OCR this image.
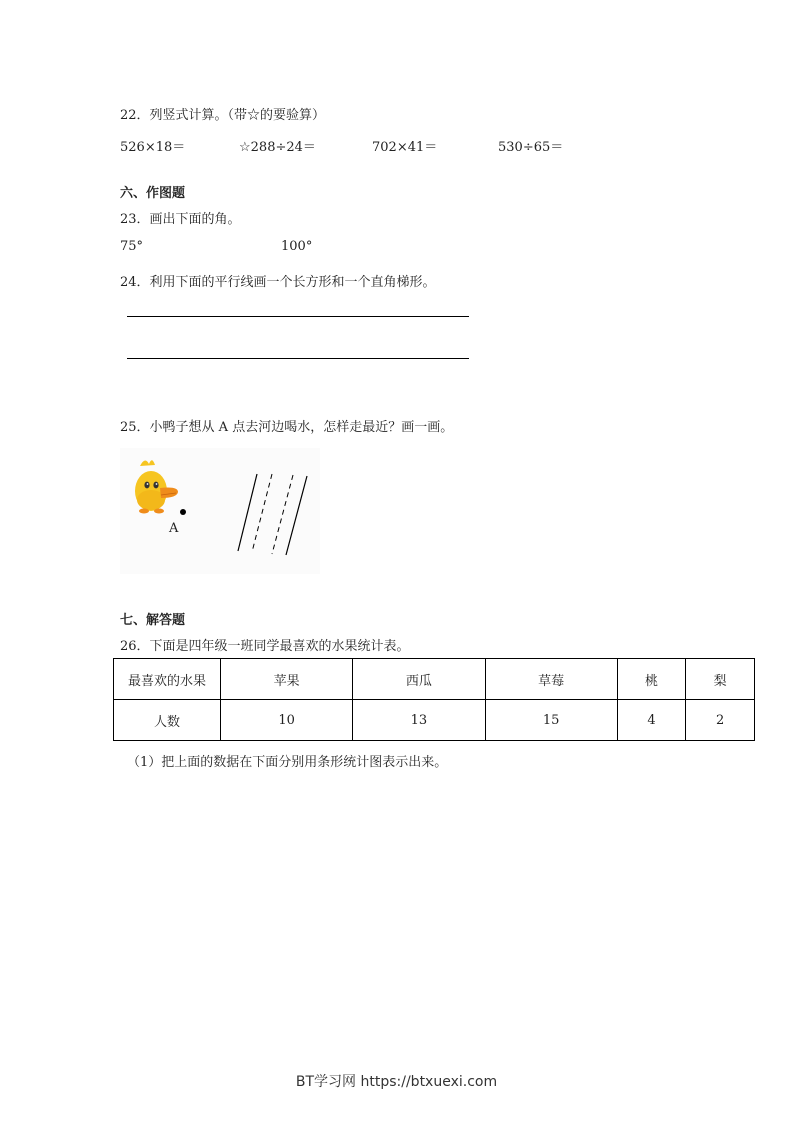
22．列竖式计算。（带☆的要验算）
526×18＝	☆288÷24＝	702×41＝	530÷65＝
六、作图题
23．画出下面的角。
75°	100°
24．利用下面的平行线画一个长方形和一个直角梯形。
25．小鸭子想从 A 点去河边喝水，怎样走最近？画一画。
A
七、解答题
26．下面是四年级一班同学最喜欢的水果统计表。
最喜欢的水果	苹果	西瓜	草莓	桃	梨
人数	10	13	15	4	2
（1）把上面的数据在下面分别用条形统计图表示出来。
BT学习网 https://btxuexi.com
